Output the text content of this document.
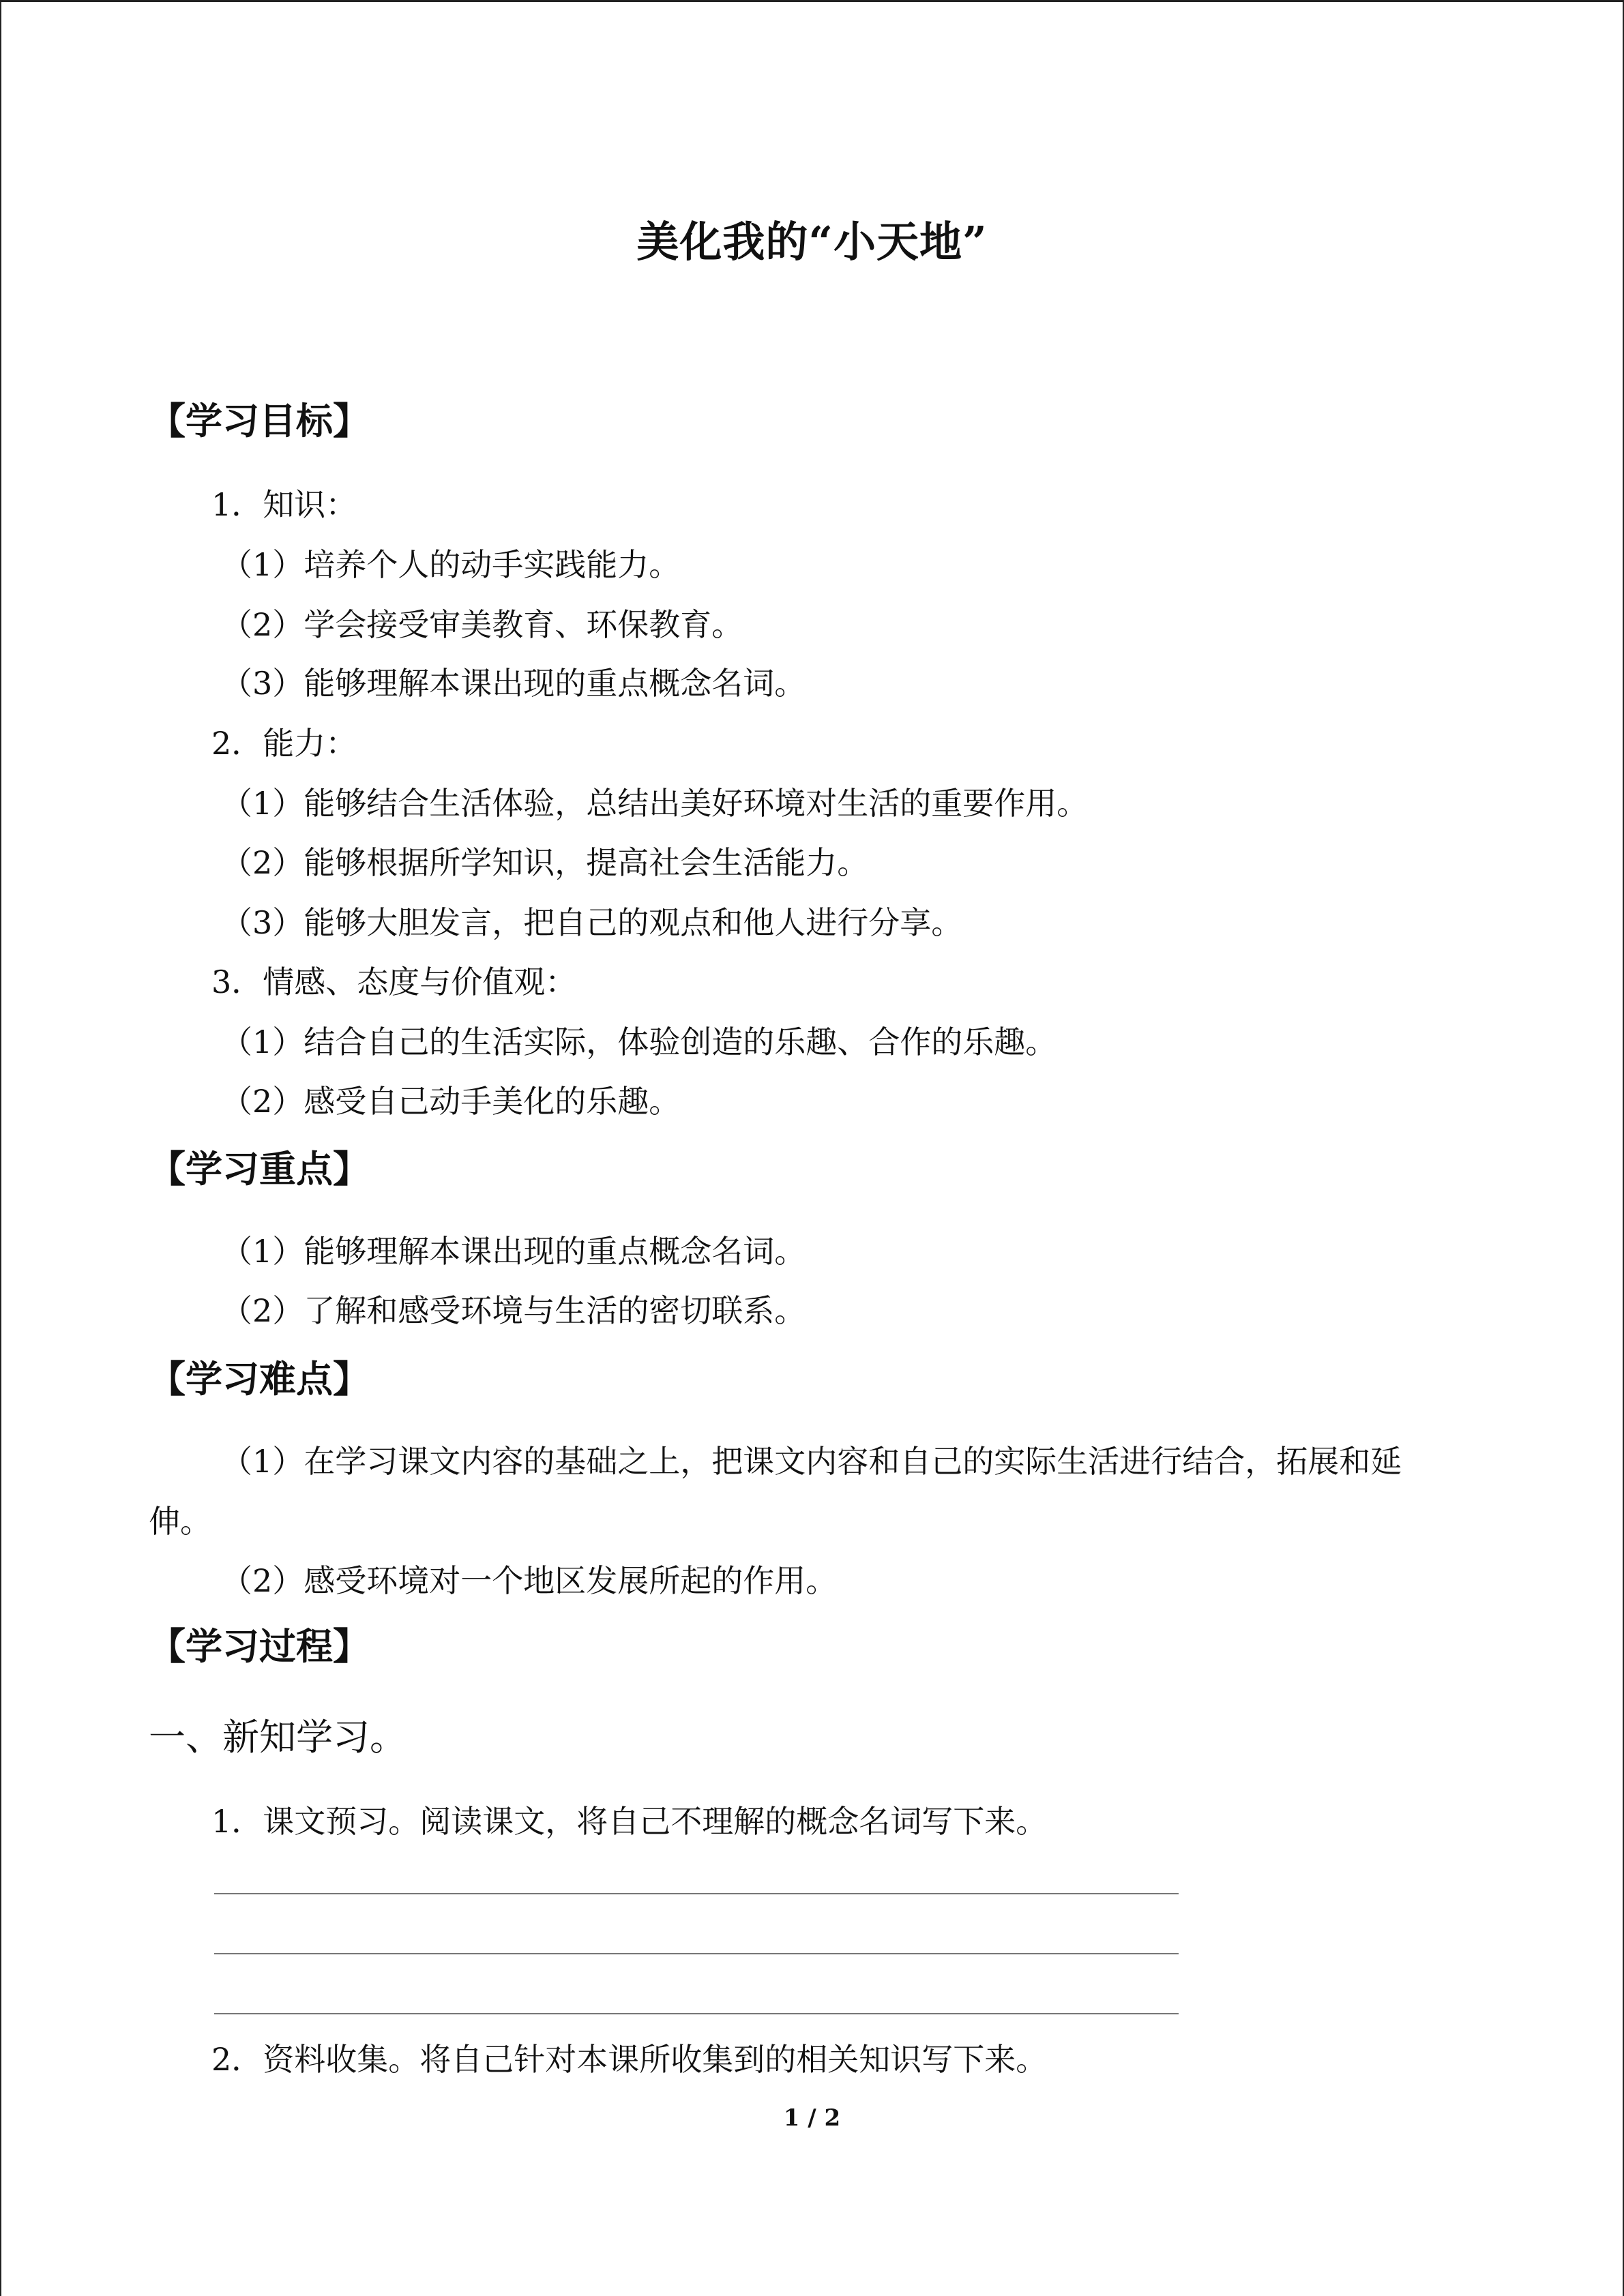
美化我的“小天地”
【学习目标】
1．知识：
（1）培养个人的动手实践能力。
（2）学会接受审美教育、环保教育。
（3）能够理解本课出现的重点概念名词。
2．能力：
（1）能够结合生活体验，总结出美好环境对生活的重要作用。
（2）能够根据所学知识，提高社会生活能力。
（3）能够大胆发言，把自己的观点和他人进行分享。
3．情感、态度与价值观：
（1）结合自己的生活实际，体验创造的乐趣、合作的乐趣。
（2）感受自己动手美化的乐趣。
【学习重点】
（1）能够理解本课出现的重点概念名词。
（2）了解和感受环境与生活的密切联系。
【学习难点】
（1）在学习课文内容的基础之上，把课文内容和自己的实际生活进行结合，拓展和延
伸。
（2）感受环境对一个地区发展所起的作用。
【学习过程】
一、新知学习。
1．课文预习。阅读课文，将自己不理解的概念名词写下来。
2．资料收集。将自己针对本课所收集到的相关知识写下来。
1 / 2
